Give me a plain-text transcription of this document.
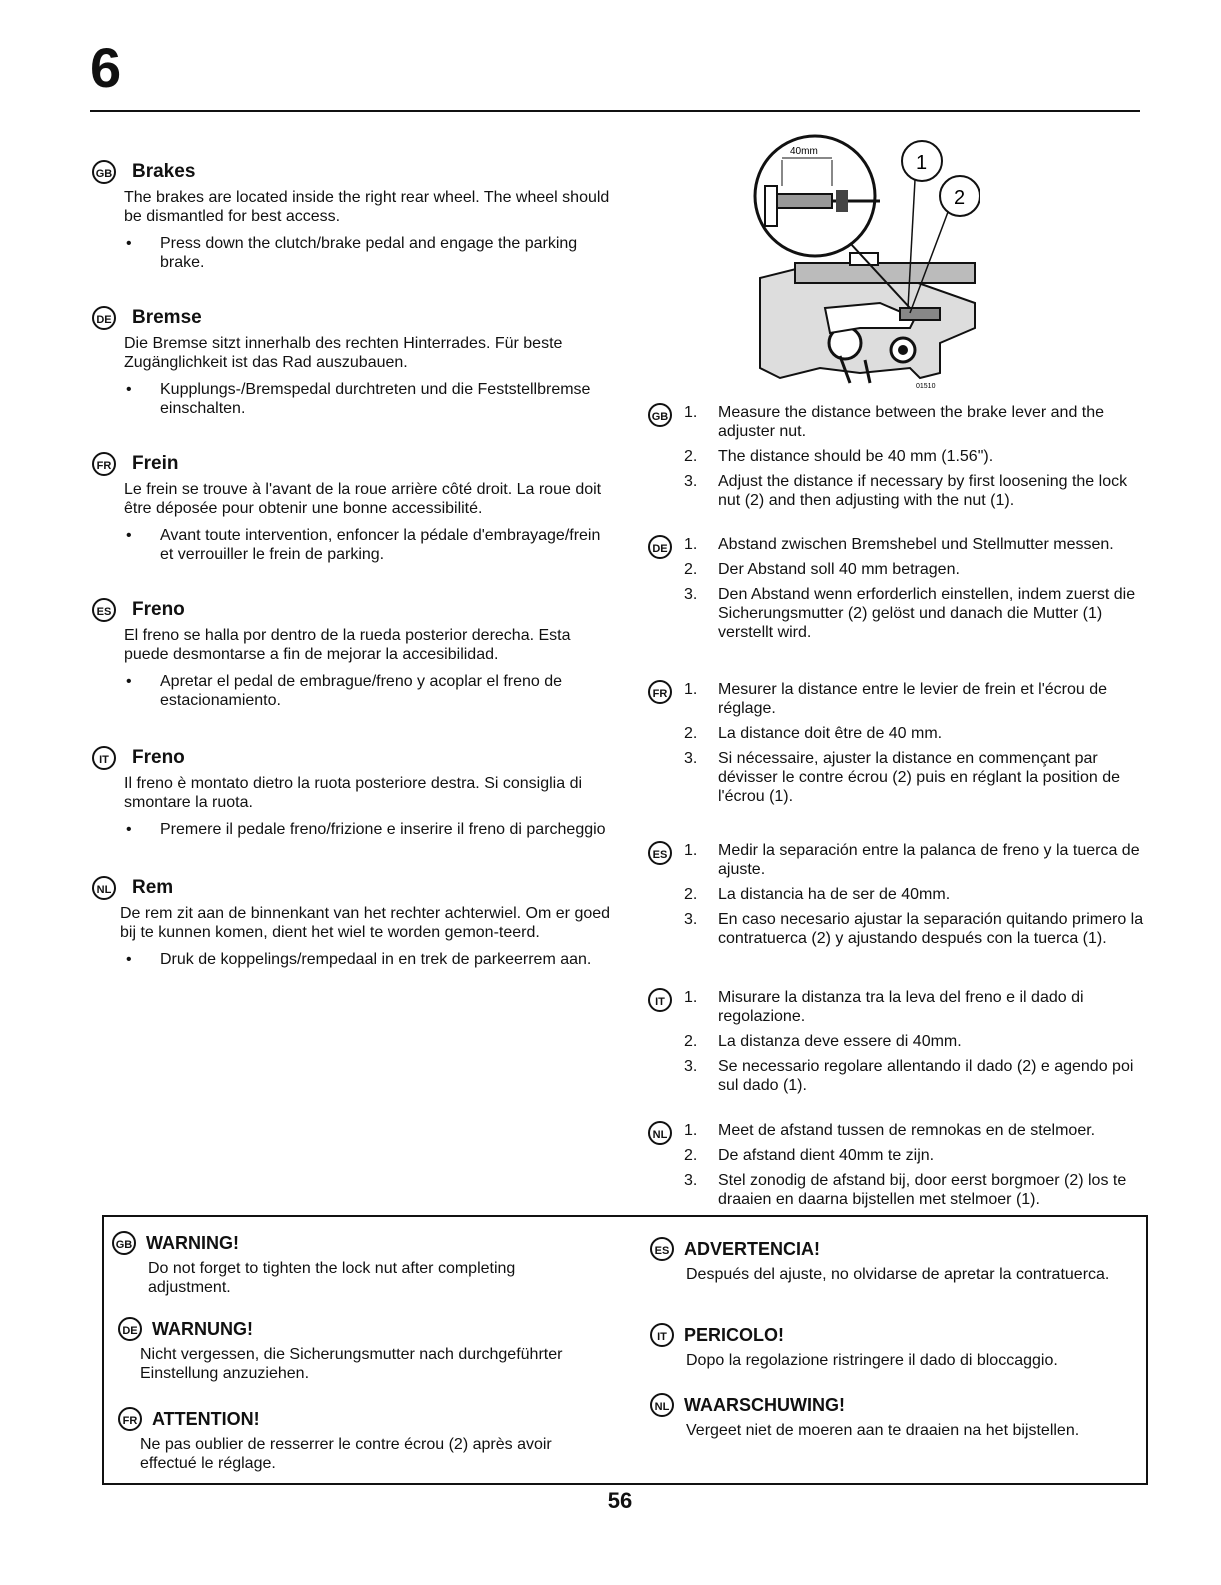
6
GB Brakes
The brakes are located inside the right rear wheel. The wheel should be dismantled for best access.
•	Press down the clutch/brake pedal and engage the parking brake.
DE Bremse
Die Bremse sitzt innerhalb des rechten Hinterrades. Für beste Zugänglichkeit ist das Rad auszubauen.
•	Kupplungs-/Bremspedal durchtreten und die Feststellbremse einschalten.
FR Frein
Le frein se trouve à l'avant de la roue arrière côté droit. La roue doit être déposée pour obtenir une bonne accessibilité.
•	Avant toute intervention, enfoncer la pédale d'embrayage/frein et verrouiller le frein de parking.
ES Freno
El freno se halla por dentro de la rueda posterior derecha. Esta puede desmontarse a fin de mejorar la accesibilidad.
•	Apretar el pedal de embrague/freno y acoplar el freno de estacionamiento.
IT	Freno
Il freno è montato dietro la ruota posteriore destra. Si consiglia di smontare la ruota.
•	Premere il pedale freno/frizione e inserire il freno di parcheggio
NL Rem
De rem zit aan de binnenkant van het rechter achterwiel. Om er goed bij te kunnen komen, dient het wiel te worden gemon-teerd.
•	Druk de koppelings/rempedaal in en trek de parkeerrem aan.
40mm
1
2
01510
GB 1.	Measure the distance between the brake lever and the adjuster nut.
2.	The distance should be 40 mm (1.56").
3.	Adjust the distance if necessary by first loosening the lock nut (2) and then adjusting with the nut (1).
DE 1.	Abstand zwischen Bremshebel und Stellmutter messen.
2.	Der Abstand soll 40 mm betragen.
3.	Den Abstand wenn erforderlich einstellen, indem zuerst die Sicherungsmutter (2) gelöst und danach die Mutter (1) verstellt wird.
FR 1.	Mesurer la distance entre le levier de frein et l'écrou de réglage.
2.	La distance doit être de 40 mm.
3.	Si nécessaire, ajuster la distance en commençant par dévisser le contre écrou (2) puis en réglant la position de l'écrou (1).
ES 1.	Medir la separación entre la palanca de freno y la tuerca de ajuste.
2.	La distancia ha de ser de 40mm.
3.	En caso necesario ajustar la separación quitando primero la contratuerca (2) y ajustando después con la tuerca (1).
IT	1.	Misurare la distanza tra la leva del freno e il dado di regolazione.
2.	La distanza deve essere di 40mm.
3.	Se necessario regolare allentando il dado (2) e agendo poi sul dado (1).
NL 1.	Meet de afstand tussen de remnokas en de stelmoer.
2.	De afstand dient 40mm te zijn.
3.	Stel zonodig de afstand bij, door eerst borgmoer (2) los te draaien en daarna bijstellen met stelmoer (1).
GB WARNING!
Do not forget to tighten the lock nut after completing adjustment.
DE WARNUNG!
Nicht vergessen, die Sicherungsmutter nach durchgeführter Einstellung anzuziehen.
FR ATTENTION!
Ne pas oublier de resserrer le contre écrou (2) après avoir effectué le réglage.
ES ADVERTENCIA!
Después del ajuste, no olvidarse de apretar la contratuerca.
IT PERICOLO!
Dopo la regolazione ristringere il dado di bloccaggio.
NL WAARSCHUWING!
Vergeet niet de moeren aan te draaien na het bijstellen.
56
